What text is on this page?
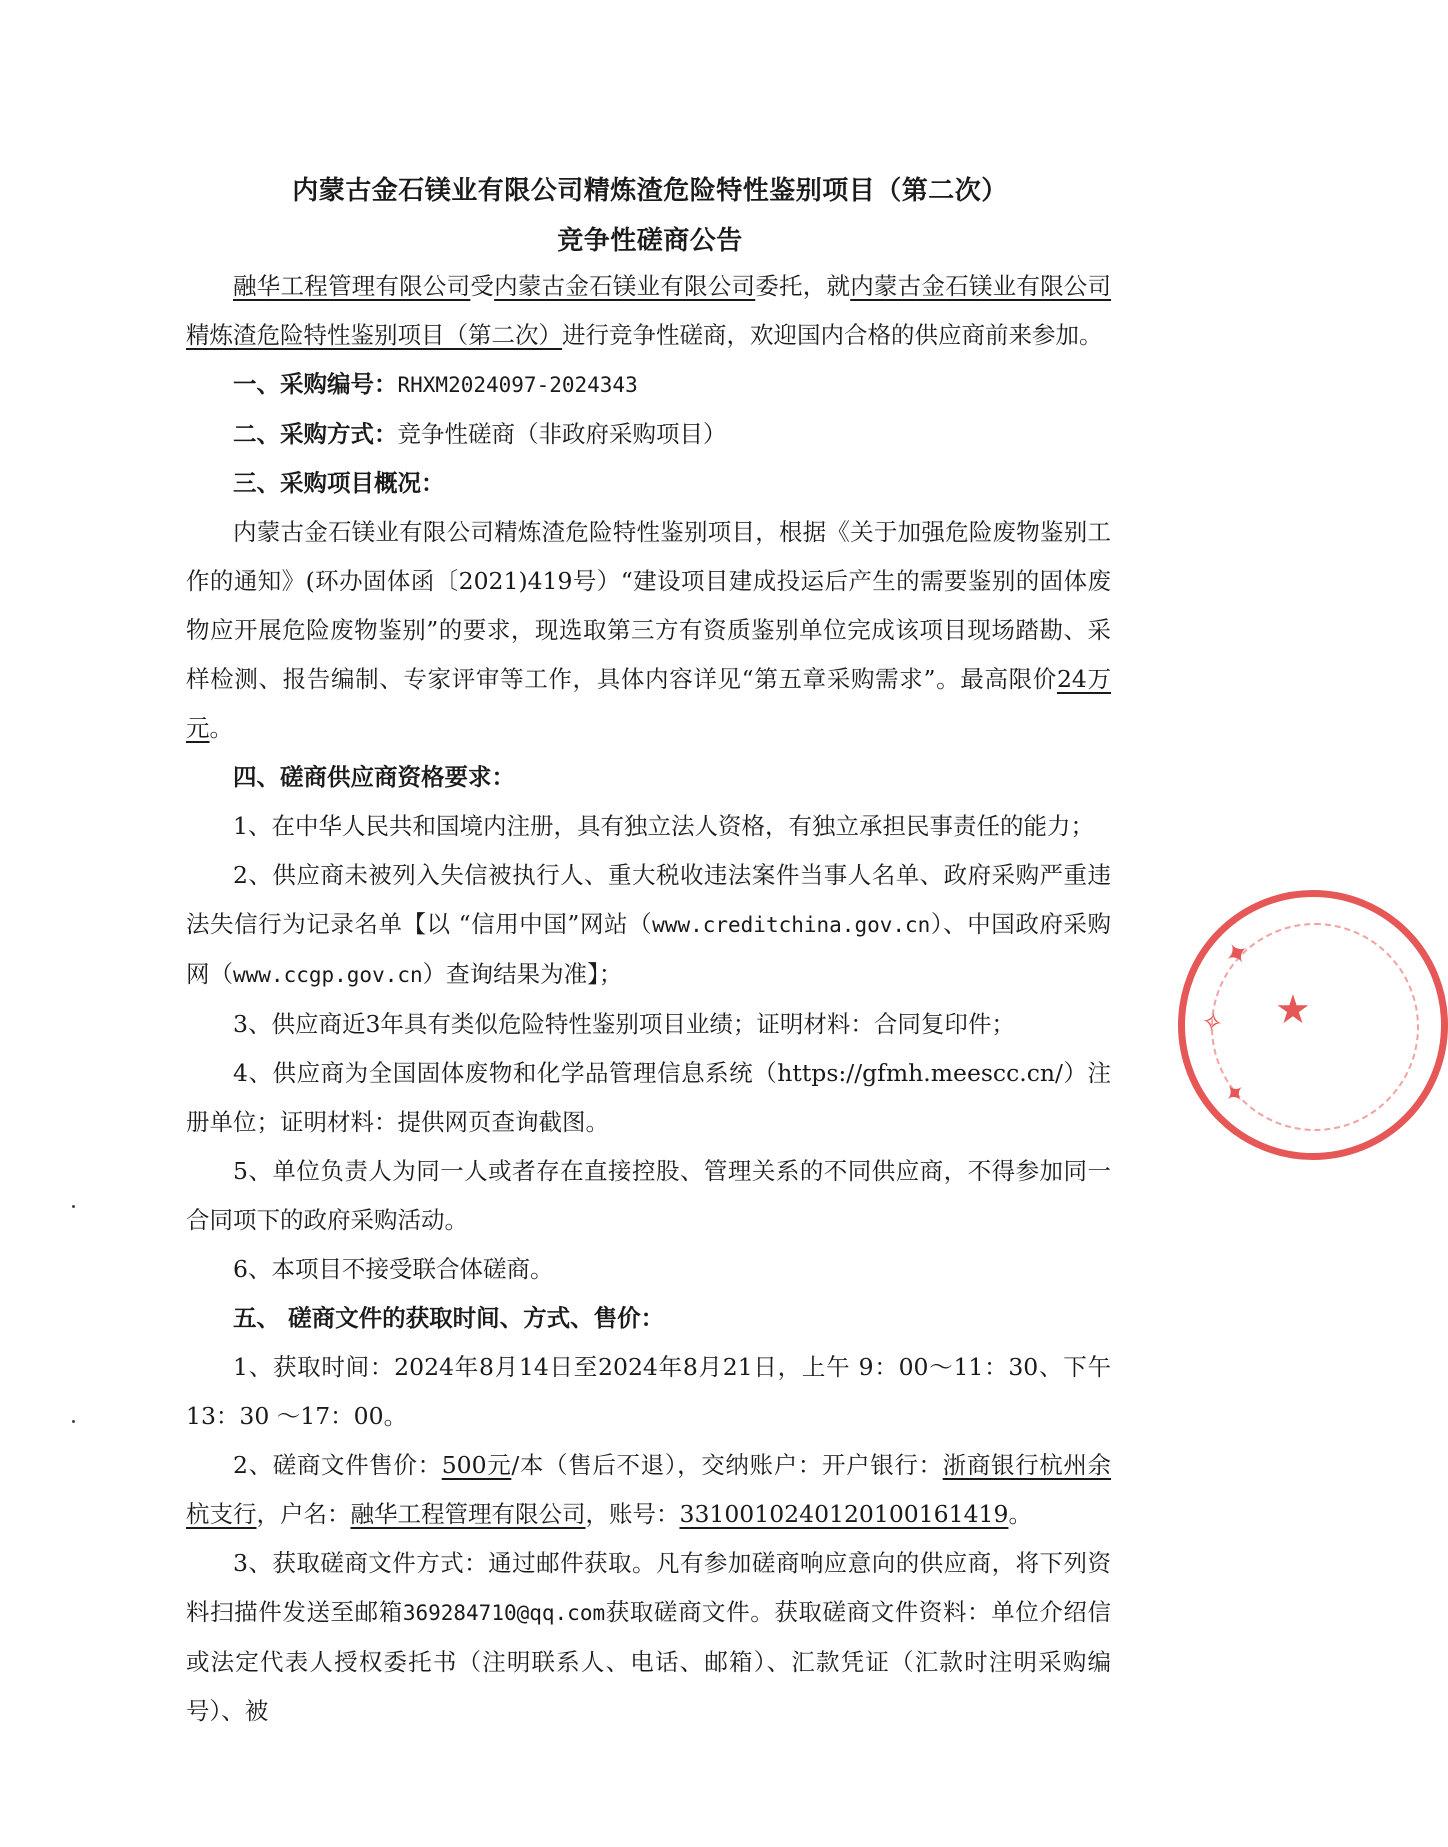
内蒙古金石镁业有限公司精炼渣危险特性鉴别项目（第二次）
竞争性磋商公告

融华工程管理有限公司受内蒙古金石镁业有限公司委托，就内蒙古金石镁业有限公司精炼渣危险特性鉴别项目（第二次）进行竞争性磋商，欢迎国内合格的供应商前来参加。

一、采购编号：RHXM2024097-2024343

二、采购方式：竞争性磋商（非政府采购项目）

三、采购项目概况：

内蒙古金石镁业有限公司精炼渣危险特性鉴别项目，根据《关于加强危险废物鉴别工作的通知》(环办固体函〔2021)419号）“建设项目建成投运后产生的需要鉴别的固体废物应开展危险废物鉴别”的要求，现选取第三方有资质鉴别单位完成该项目现场踏勘、采样检测、报告编制、专家评审等工作，具体内容详见“第五章采购需求”。最高限价24万元。

四、磋商供应商资格要求：

1、在中华人民共和国境内注册，具有独立法人资格，有独立承担民事责任的能力；

2、供应商未被列入失信被执行人、重大税收违法案件当事人名单、政府采购严重违法失信行为记录名单【以 “信用中国”网站（www.creditchina.gov.cn）、中国政府采购网（www.ccgp.gov.cn）查询结果为准】；

3、供应商近3年具有类似危险特性鉴别项目业绩；证明材料：合同复印件；

4、供应商为全国固体废物和化学品管理信息系统（https://gfmh.meescc.cn/）注册单位；证明材料：提供网页查询截图。

5、单位负责人为同一人或者存在直接控股、管理关系的不同供应商，不得参加同一合同项下的政府采购活动。

6、本项目不接受联合体磋商。

五、 磋商文件的获取时间、方式、售价：

1、获取时间：2024年8月14日至2024年8月21日，上午 9：00～11：30、下午 13：30 ～17：00。

2、磋商文件售价：500元/本（售后不退），交纳账户：开户银行：浙商银行杭州余杭支行，户名：融华工程管理有限公司，账号：3310010240120100161419。

3、获取磋商文件方式：通过邮件获取。凡有参加磋商响应意向的供应商，将下列资料扫描件发送至邮箱369284710@qq.com获取磋商文件。获取磋商文件资料：单位介绍信或法定代表人授权委托书（注明联系人、电话、邮箱）、汇款凭证（汇款时注明采购编号）、被

✦
✧
✦
★
